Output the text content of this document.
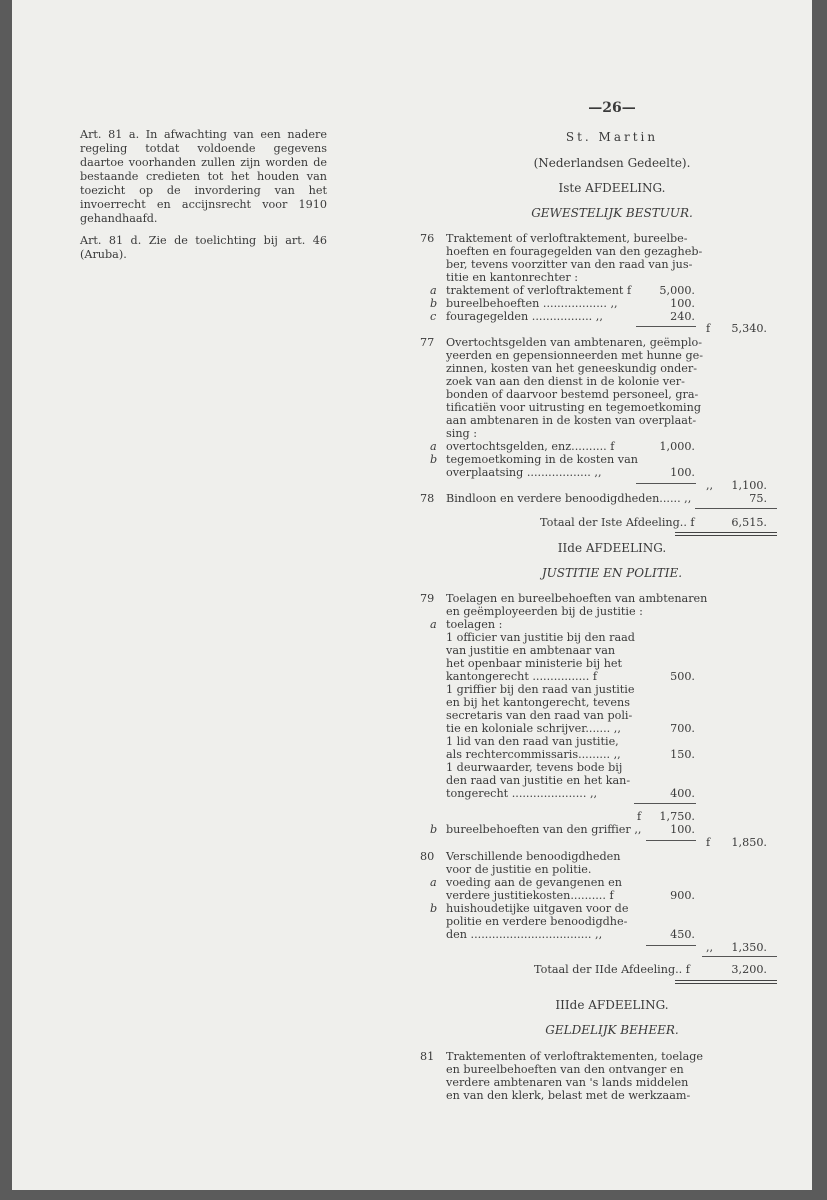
—26—

Art. 81 a. In afwachting van een nadere regeling totdat voldoende gegevens daartoe voorhanden zullen zijn worden de bestaande credieten tot het houden van toezicht op de invordering van het invoerrecht en accijnsrecht voor 1910 gehandhaafd.

Art. 81 d. Zie de toelichting bij art. 46 (Aruba).

St. Martin
(Nederlandsen Gedeelte).
Iste AFDEELING.
GEWESTELIJK BESTUUR.
76 Traktement of verloftraktement, bureelbe-
hoeften en fouragegelden van den gezagheb-
ber, tevens voorzitter van den raad van jus-
titie en kantonrechter :
a traktement of verloftraktement f	5,000.
b bureelbehoeften .................. ,,	100.
c fouragegelden ................. ,,	240.
f 5,340.
77 Overtochtsgelden van ambtenaren, geëmplo-
yeerden en gepensionneerden met hunne ge-
zinnen, kosten van het geneeskundig onder-
zoek van aan den dienst in de kolonie ver-
bonden of daarvoor bestemd personeel, gra-
tificatiën voor uitrusting en tegemoetkoming
aan ambtenaren in de kosten van overplaat-
sing :
a overtochtsgelden, enz.......... f	1,000.
b tegemoetkoming in de kosten van
overplaatsing .................. ,,	100.
,, 1,100.
78 Bindloon en verdere benoodigdheden...... ,,	75.
Totaal der Iste Afdeeling.. f	6,515.
IIde AFDEELING.
JUSTITIE EN POLITIE.
79 Toelagen en bureelbehoeften van ambtenaren
en geëmployeerden bij de justitie :
a toelagen :
1 officier van justitie bij den raad
van justitie en ambtenaar van
het openbaar ministerie bij het
kantongerecht ................ f	500.
1 griffier bij den raad van justitie
en bij het kantongerecht, tevens
secretaris van den raad van poli-
tie en koloniale schrijver....... ,,	700.
1 lid van den raad van justitie,
als rechtercommissaris......... ,,	150.
1 deurwaarder, tevens bode bij
den raad van justitie en het kan-
tongerecht ..................... ,,	400.
f 1,750.
b bureelbehoeften van den griffier ,,	100.
f 1,850.
80 Verschillende benoodigdheden
voor de justitie en politie.
a voeding aan de gevangenen en
verdere justitiekosten.......... f	900.
b huishoudetijke uitgaven voor de
politie en verdere benoodigdhe-
den .................................. ,,	450.
,, 1,350.
Totaal der IIde Afdeeling.. f	3,200.
IIIde AFDEELING.
GELDELIJK BEHEER.
81 Traktementen of verloftraktementen, toelage
en bureelbehoeften van den ontvanger en
verdere ambtenaren van 's lands middelen
en van den klerk, belast met de werkzaam-
